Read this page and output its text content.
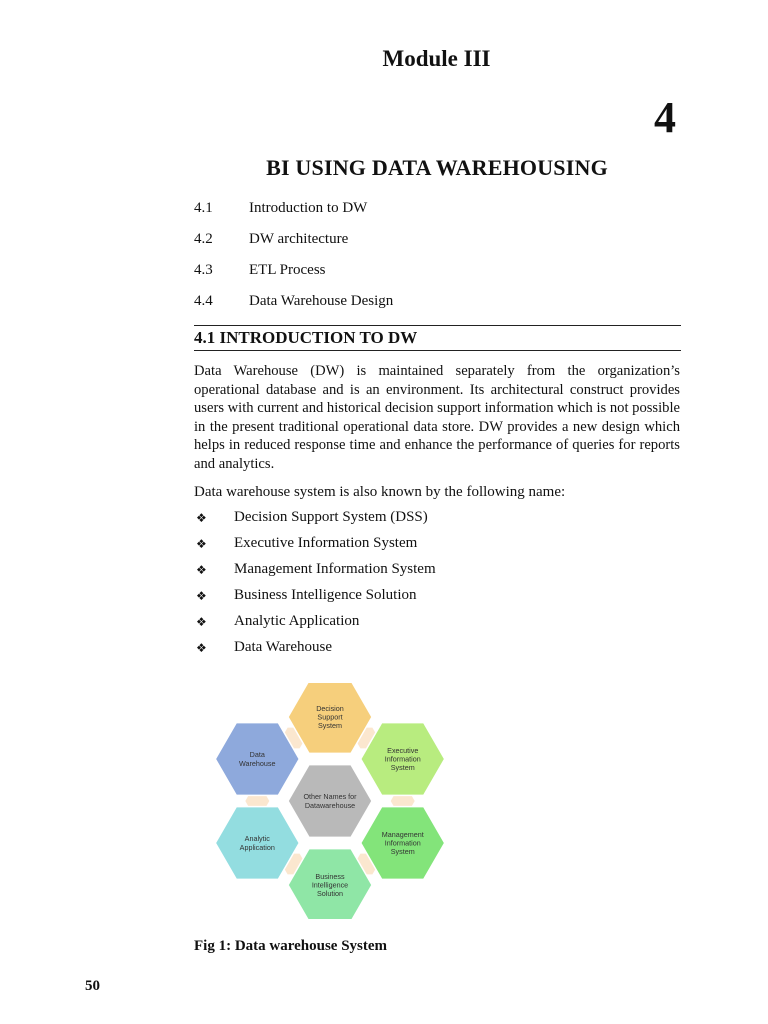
Module III
4
BI USING DATA WAREHOUSING
4.1	Introduction to DW
4.2	DW architecture
4.3	ETL Process
4.4	Data Warehouse Design
4.1 INTRODUCTION TO DW
Data Warehouse (DW) is maintained separately from the organization’s operational database and is an environment. Its architectural construct provides users with current and historical decision support information which is not possible in the present traditional operational data store. DW provides a new design which helps in reduced response time and enhance the performance of queries for reports and analytics.
Data warehouse system is also known by the following name:
❖	Decision Support System (DSS)
❖	Executive Information System
❖	Management Information System
❖	Business Intelligence Solution
❖	Analytic Application
❖	Data Warehouse
Decision
Support
System
Executive
Information
System
Management
Information
System
Business
Intelligence
Solution
Analytic
Application
Data
Warehouse
Other Names for
Datawarehouse
Fig 1: Data warehouse System
50
